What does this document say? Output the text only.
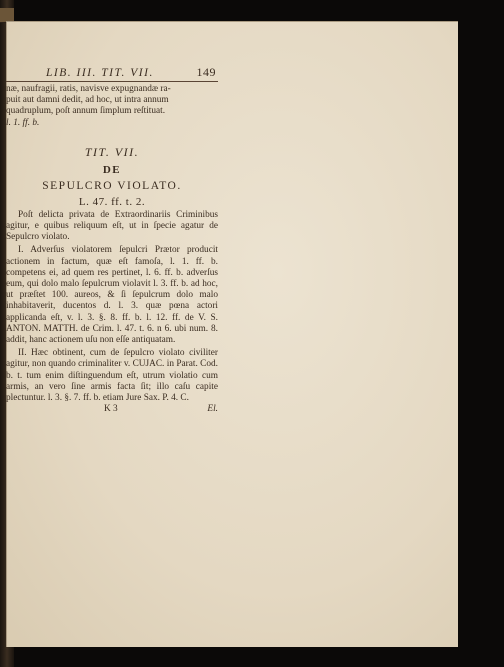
LIB. III. TIT. VII.	149

næ, naufragii, ratis, navisve expugnandæ ra-

puit aut damni dedit, ad hoc, ut intra annum

quadruplum, poſt annum ſimplum reſtituat.

l. 1. ff. b.

TIT. VII.
DE
SEPULCRO VIOLATO.
L. 47. ff. t. 2.

Poſt delicta privata de Extraordinariis Criminibus agitur, e quibus reliquum eſt, ut in ſpecie agatur de Sepulcro violato.

I. Adverſus violatorem ſepulcri Prætor producit actionem in factum, quæ eſt famoſa, l. 1. ff. b. competens ei, ad quem res pertinet, l. 6. ff. b. adverſus eum, qui dolo malo ſepulcrum violavit l. 3. ff. b. ad hoc, ut præſtet 100. aureos, & ſi ſepulcrum dolo malo inhabitaverit, ducentos d. l. 3. quæ pœna actori applicanda eſt, v. l. 3. §. 8. ff. b. l. 12. ff. de V. S. ANTON. MATTH. de Crim. l. 47. t. 6. n 6. ubi num. 8. addit, hanc actionem uſu non eſſe antiquatam.

II. Hæc obtinent, cum de ſepulcro violato civiliter agitur, non quando criminaliter v. CUJAC. in Parat. Cod. b. t. tum enim diſtinguendum eſt, utrum violatio cum armis, an vero ſine armis facta ſit; illo caſu capite plectuntur. l. 3. §. 7. ff. b. etiam Jure Sax. P. 4. C.

K 3	El.
